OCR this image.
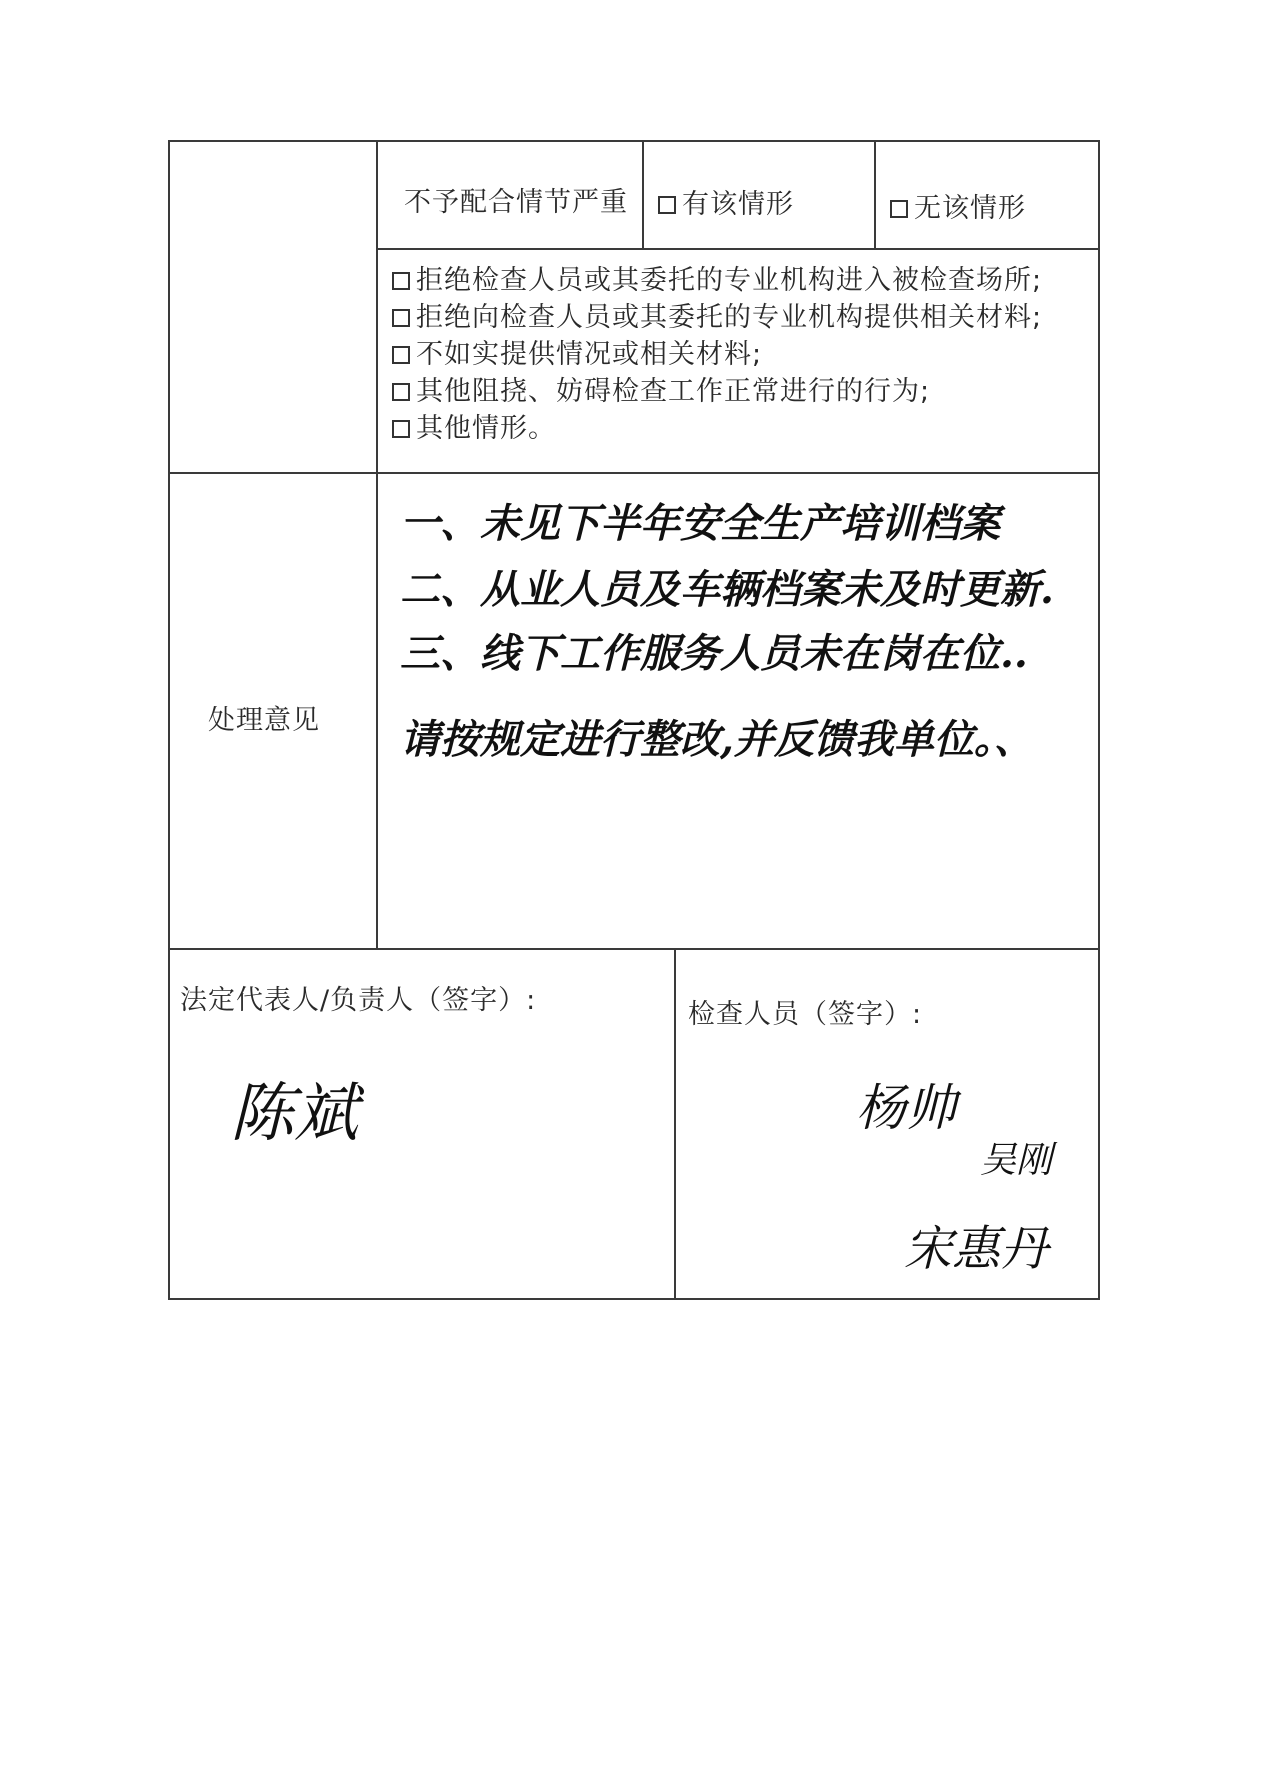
不予配合情节严重	有该情形	无该情形
拒绝检查人员或其委托的专业机构进入被检查场所;
拒绝向检查人员或其委托的专业机构提供相关材料;
不如实提供情况或相关材料;
其他阻挠、妨碍检查工作正常进行的行为;
其他情形。
处理意见
一、未见下半年安全生产培训档案
二、从业人员及车辆档案未及时更新.
三、线下工作服务人员未在岗在位..
请按规定进行整改,并反馈我单位。、
法定代表人/负责人（签字）:	检查人员（签字）:
陈斌	杨帅
吴刚
宋惠丹
